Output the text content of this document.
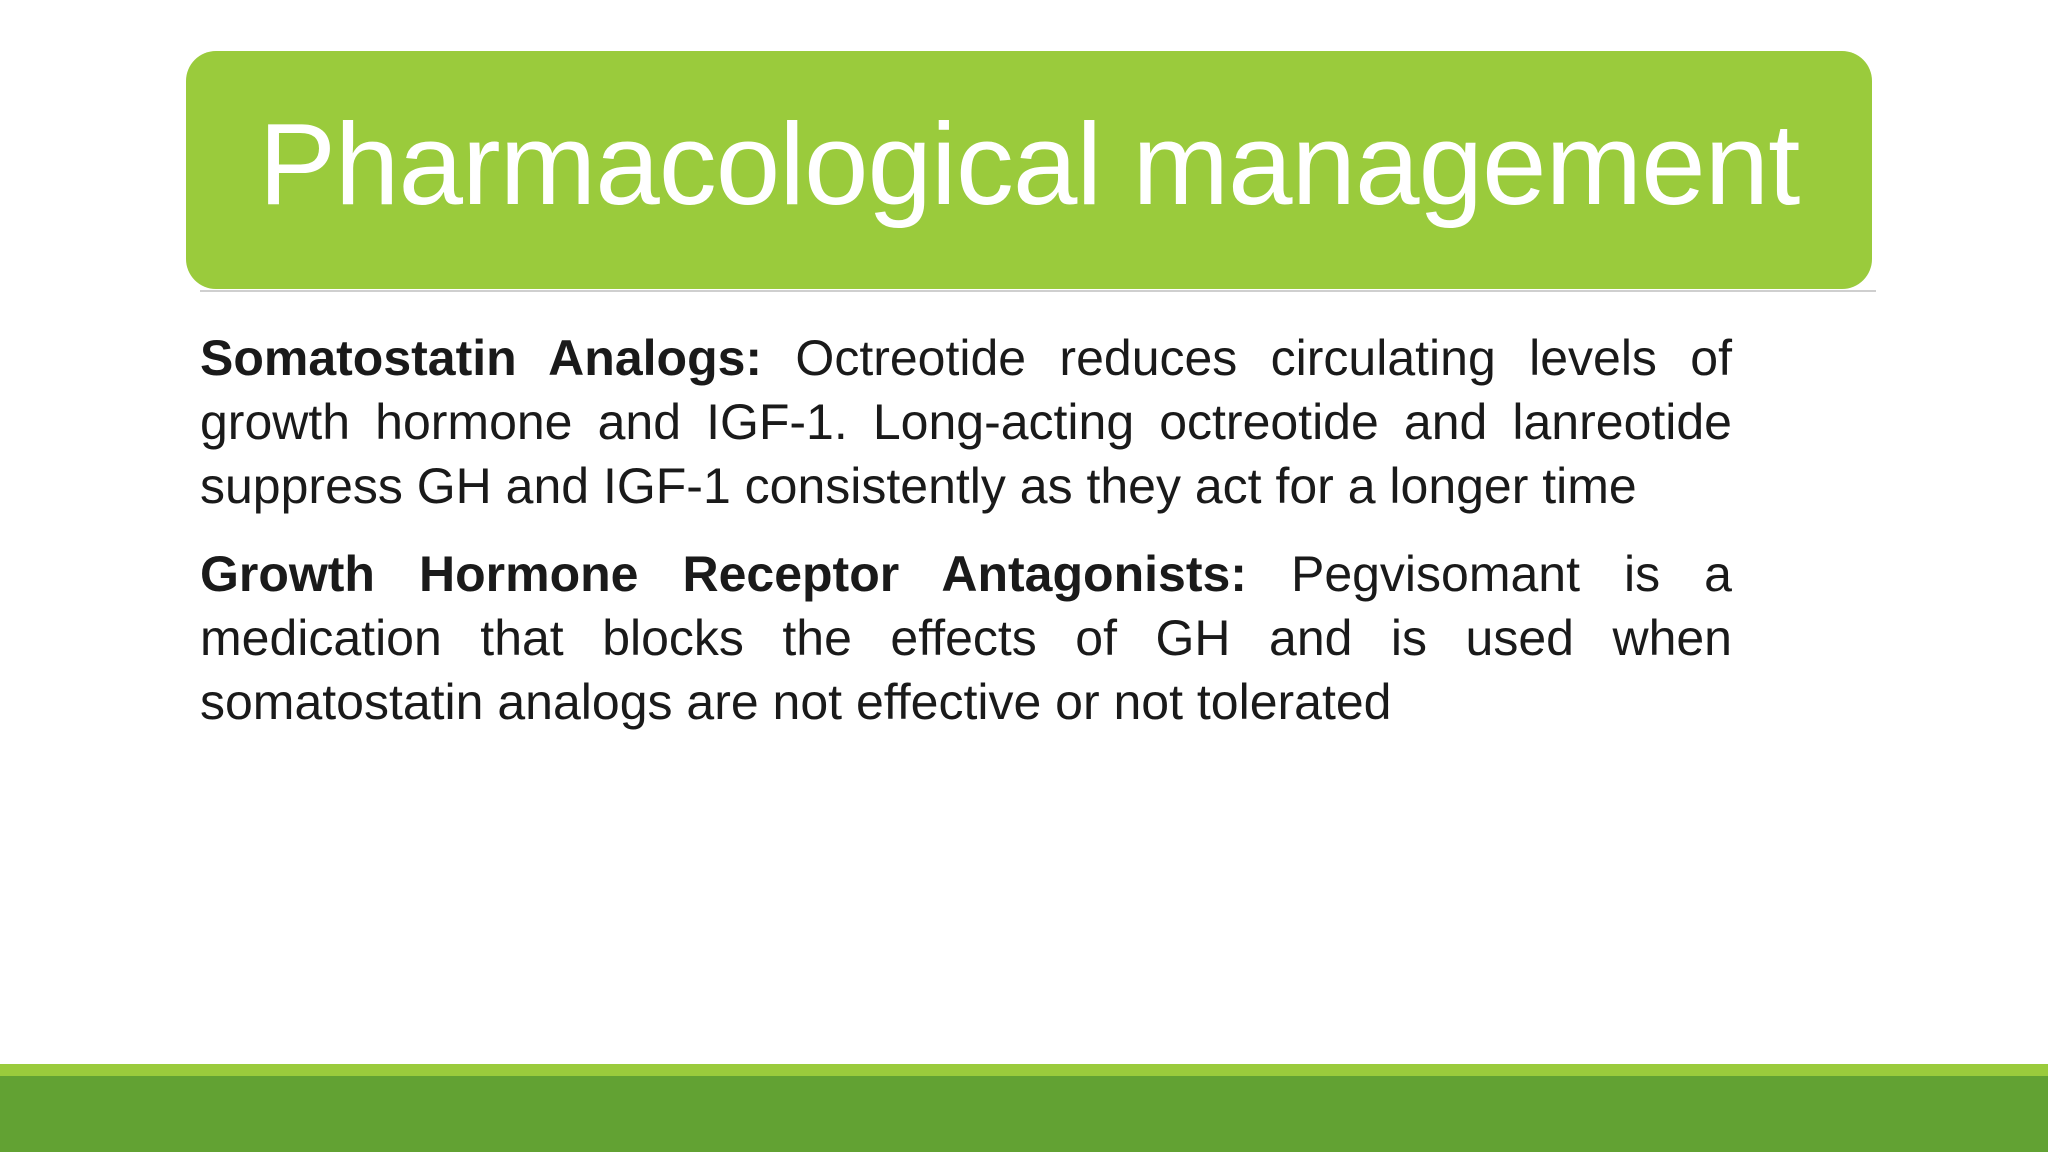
Pharmacological management

Somatostatin Analogs: Octreotide reduces circulating levels of growth hormone and IGF-1. Long-acting octreotide and lanreotide suppress GH and IGF-1 consistently as they act for a longer time

Growth Hormone Receptor Antagonists: Pegvisomant is a medication that blocks the effects of GH and is used when somatostatin analogs are not effective or not tolerated
